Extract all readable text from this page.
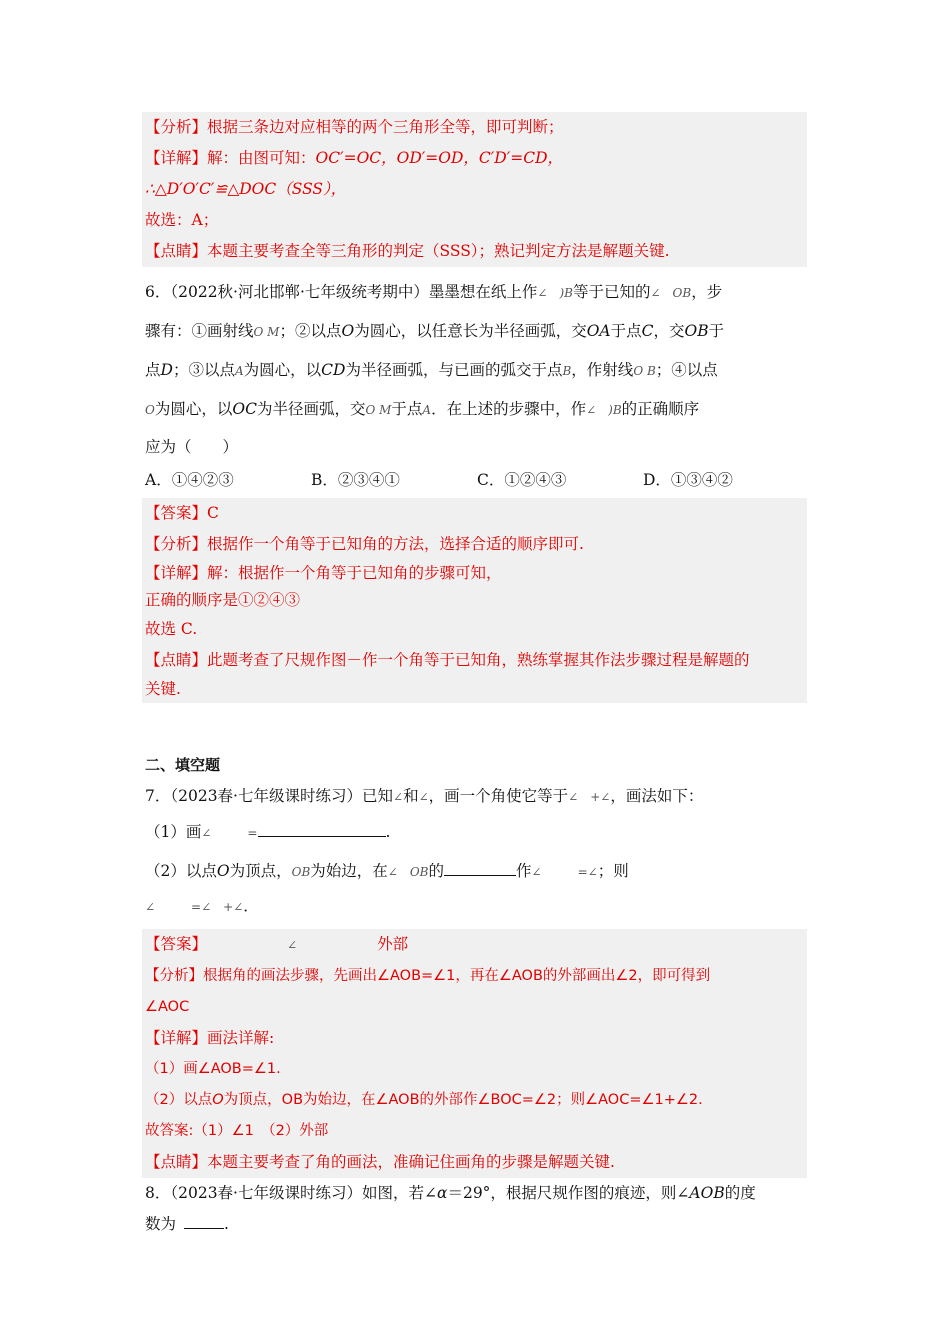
【分析】根据三条边对应相等的两个三角形全等，即可判断；
【详解】解：由图可知：OC′=OC，OD′=OD，C′D′=CD，
∴△D′O′C′≌△DOC（SSS），
故选：A；
【点睛】本题主要考查全等三角形的判定（SSS）；熟记判定方法是解题关键.
6．（2022秋·河北邯郸·七年级统考期中）墨墨想在纸上作∠　)B等于已知的∠　OB，步
骤有：①画射线O M；②以点O为圆心，以任意长为半径画弧，交OA于点C，交OB于
点D；③以点A为圆心，以CD为半径画弧，与已画的弧交于点B，作射线O B；④以点
O为圆心，以OC为半径画弧，交O M于点A．在上述的步骤中，作∠　)B的正确顺序
应为（　　）
A．①④②③	B．②③④①	C．①②④③	D．①③④②
【答案】C
【分析】根据作一个角等于已知角的方法，选择合适的顺序即可.
【详解】解：根据作一个角等于已知角的步骤可知，
正确的顺序是①②④③
故选 C.
【点睛】此题考查了尺规作图－作一个角等于已知角，熟练掌握其作法步骤过程是解题的
关键.
二、填空题
7．（2023春·七年级课时练习）已知∠和∠，画一个角使它等于∠　+∠，画法如下：
（1）画∠　　　=	.
（2）以点O为顶点，OB为始边，在∠　OB的	作∠　　　=∠；则
∠　　　=∠　+∠．
【答案】	∠	外部
【分析】根据角的画法步骤，先画出∠AOB=∠1，再在∠AOB的外部画出∠2，即可得到
∠AOC
【详解】画法详解:
（1）画∠AOB=∠1.
（2）以点O为顶点，OB为始边，在∠AOB的外部作∠BOC=∠2；则∠AOC=∠1+∠2.
故答案:（1）∠1　（2）外部
【点睛】本题主要考查了角的画法，准确记住画角的步骤是解题关键.
8．（2023春·七年级课时练习）如图，若∠α＝29°，根据尺规作图的痕迹，则∠AOB的度
数为	.
